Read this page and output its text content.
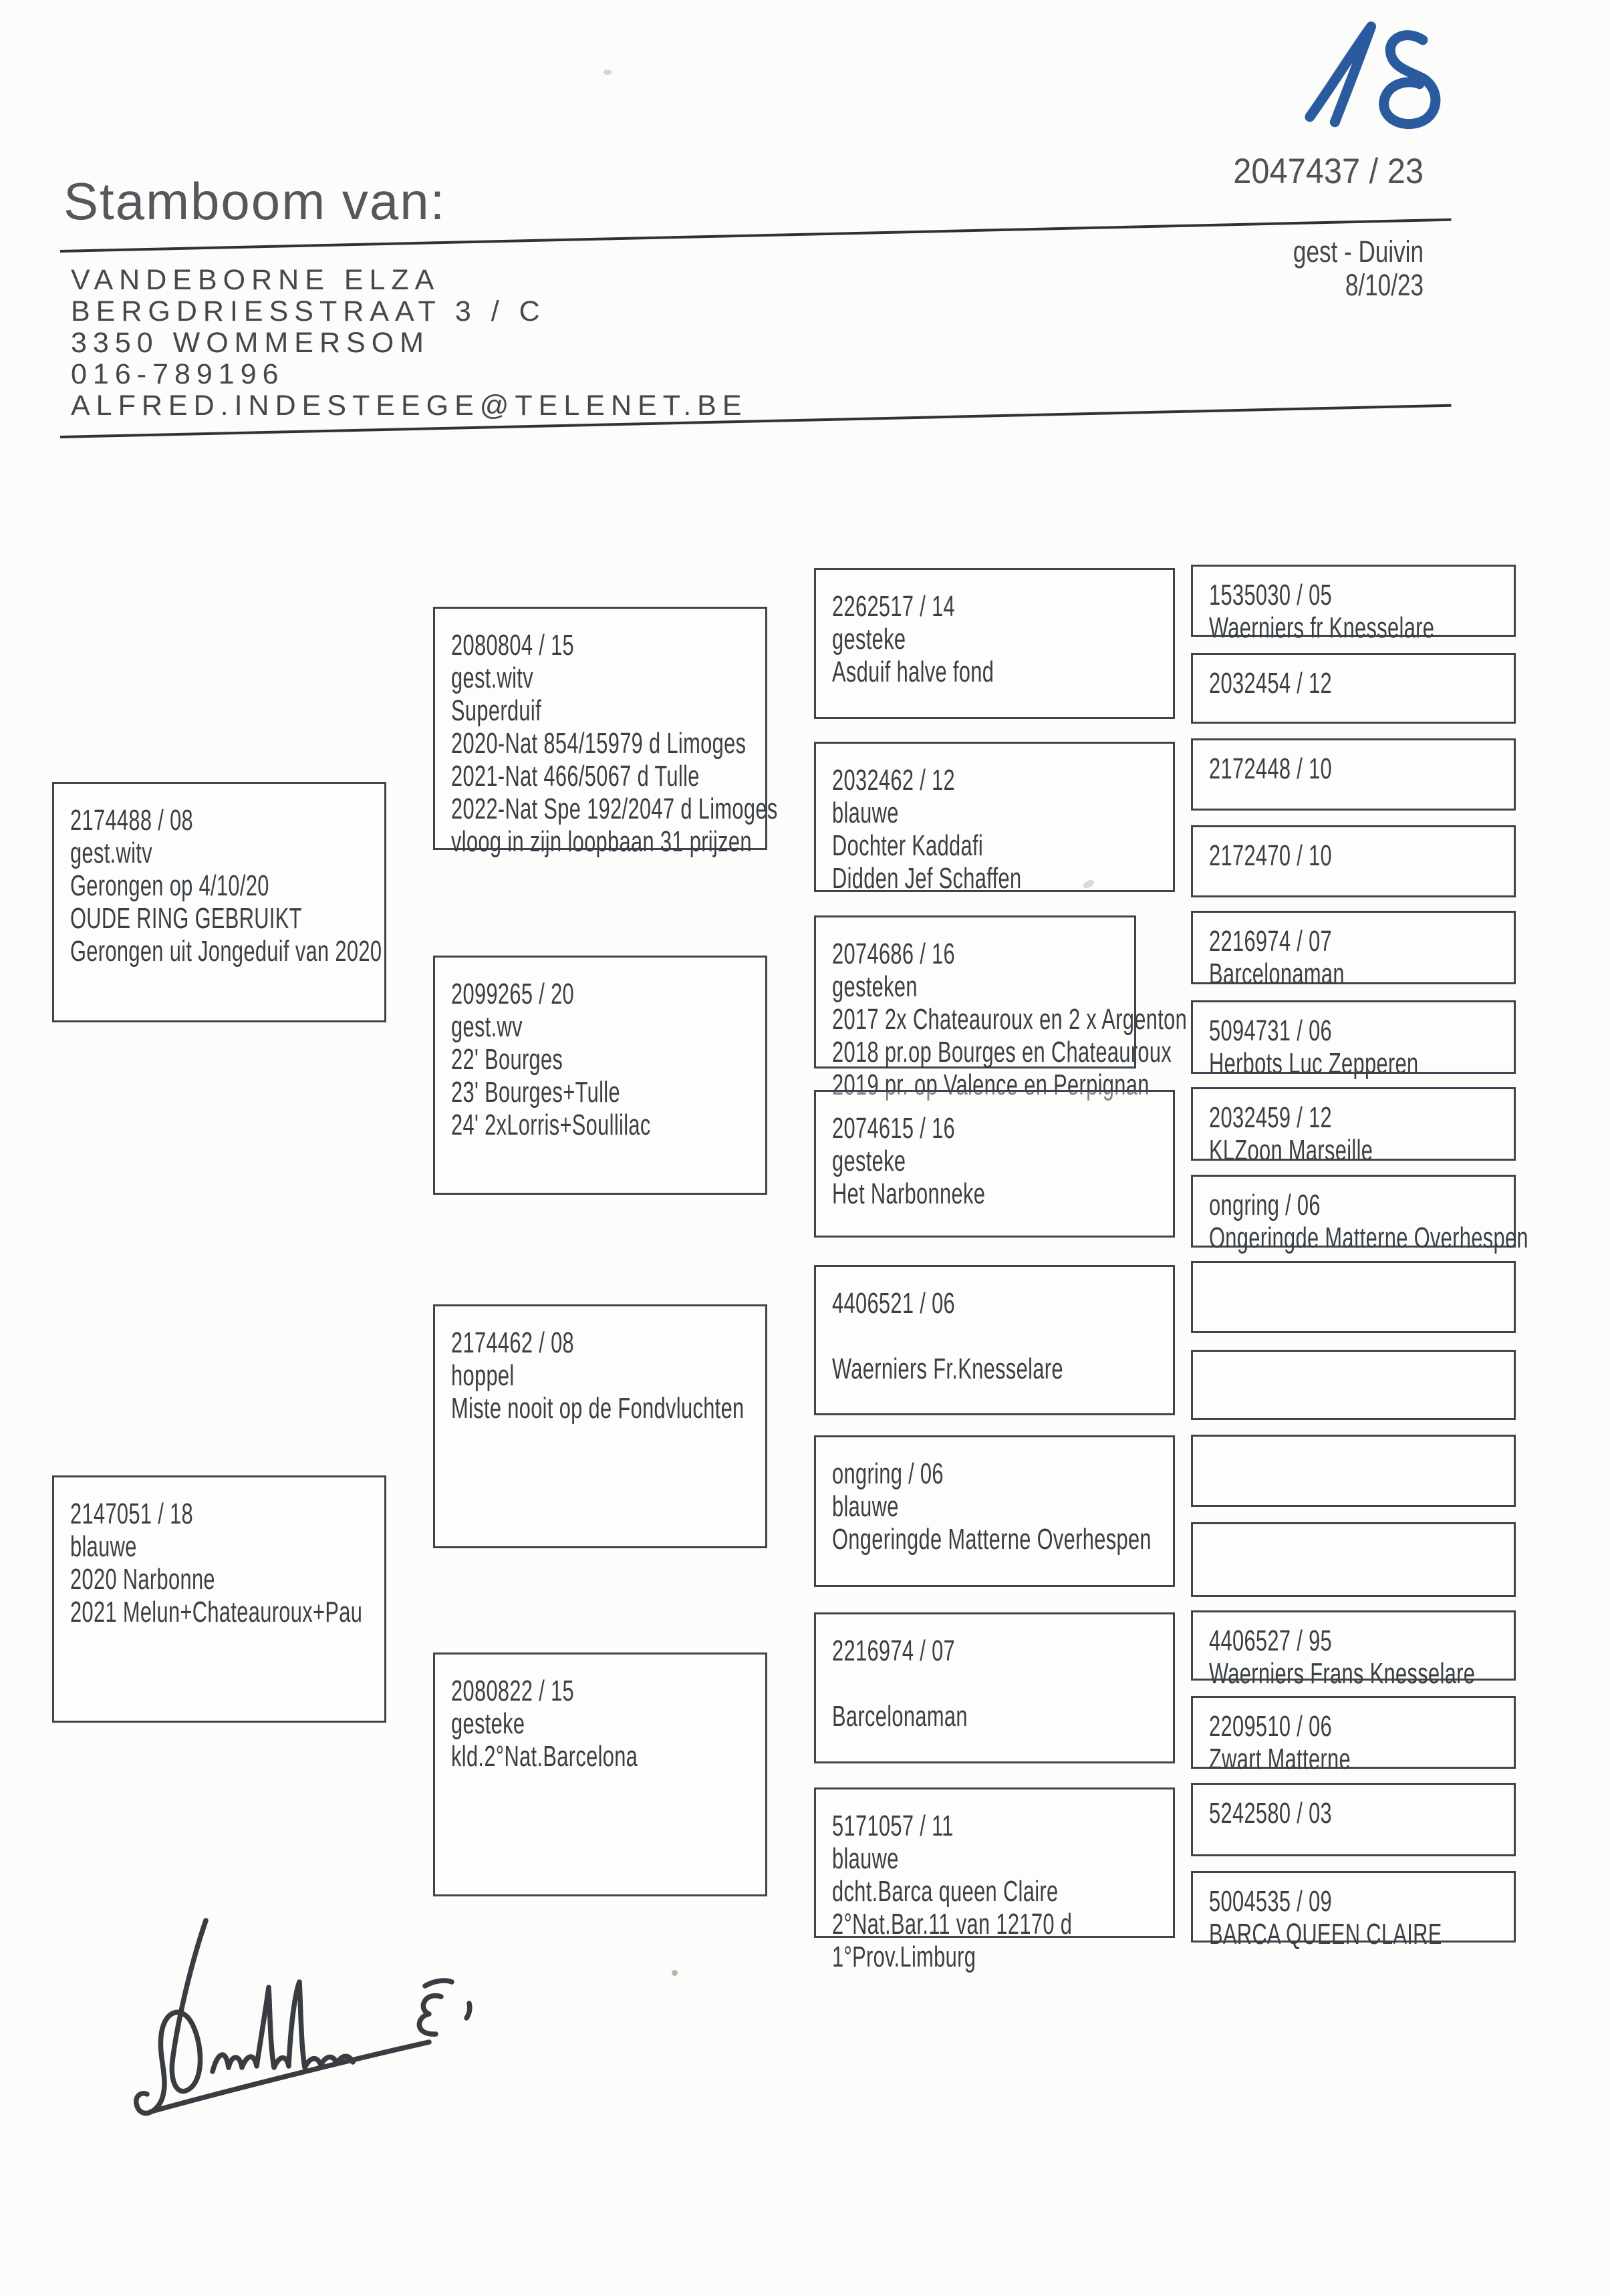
Stamboom van:
2047437 / 23
VANDEBORNE ELZA
BERGDRIESSTRAAT 3 / C
3350 WOMMERSOM
016-789196
ALFRED.INDESTEEGE@TELENET.BE
gest - Duivin
8/10/23
2174488 / 08
gest.witv
Gerongen op 4/10/20
OUDE RING GEBRUIKT
Gerongen uit Jongeduif van 2020
2147051 / 18
blauwe
2020 Narbonne
2021 Melun+Chateauroux+Pau
2080804 / 15
gest.witv
Superduif
2020-Nat 854/15979 d Limoges
2021-Nat 466/5067 d Tulle
2022-Nat Spe 192/2047 d Limoges
vloog in zijn loopbaan 31 prijzen
2099265 / 20
gest.wv
22' Bourges
23' Bourges+Tulle
24' 2xLorris+Soullilac
2174462 / 08
hoppel
Miste nooit op de Fondvluchten
2080822 / 15
gesteke
kld.2°Nat.Barcelona
2262517 / 14
gesteke
Asduif halve fond
2032462 / 12
blauwe
Dochter Kaddafi
Didden Jef Schaffen
2074686 / 16
gesteken
2017 2x Chateauroux en 2 x Argenton
2018 pr.op Bourges en Chateauroux
2019 pr. op Valence en Perpignan
2074615 / 16
gesteke
Het Narbonneke
4406521 / 06

Waerniers Fr.Knesselare
ongring / 06
blauwe
Ongeringde Matterne Overhespen
2216974 / 07

Barcelonaman
5171057 / 11
blauwe
dcht.Barca queen Claire
2°Nat.Bar.11 van 12170 d
1°Prov.Limburg
1535030 / 05
Waerniers fr Knesselare
2032454 / 12
2172448 / 10
2172470 / 10
2216974 / 07
Barcelonaman
5094731 / 06
Herbots Luc Zepperen
2032459 / 12
KLZoon Marseille
ongring / 06
Ongeringde Matterne Overhespen
4406527 / 95
Waerniers Frans Knesselare
2209510 / 06
Zwart Matterne
5242580 / 03
5004535 / 09
BARCA QUEEN CLAIRE
